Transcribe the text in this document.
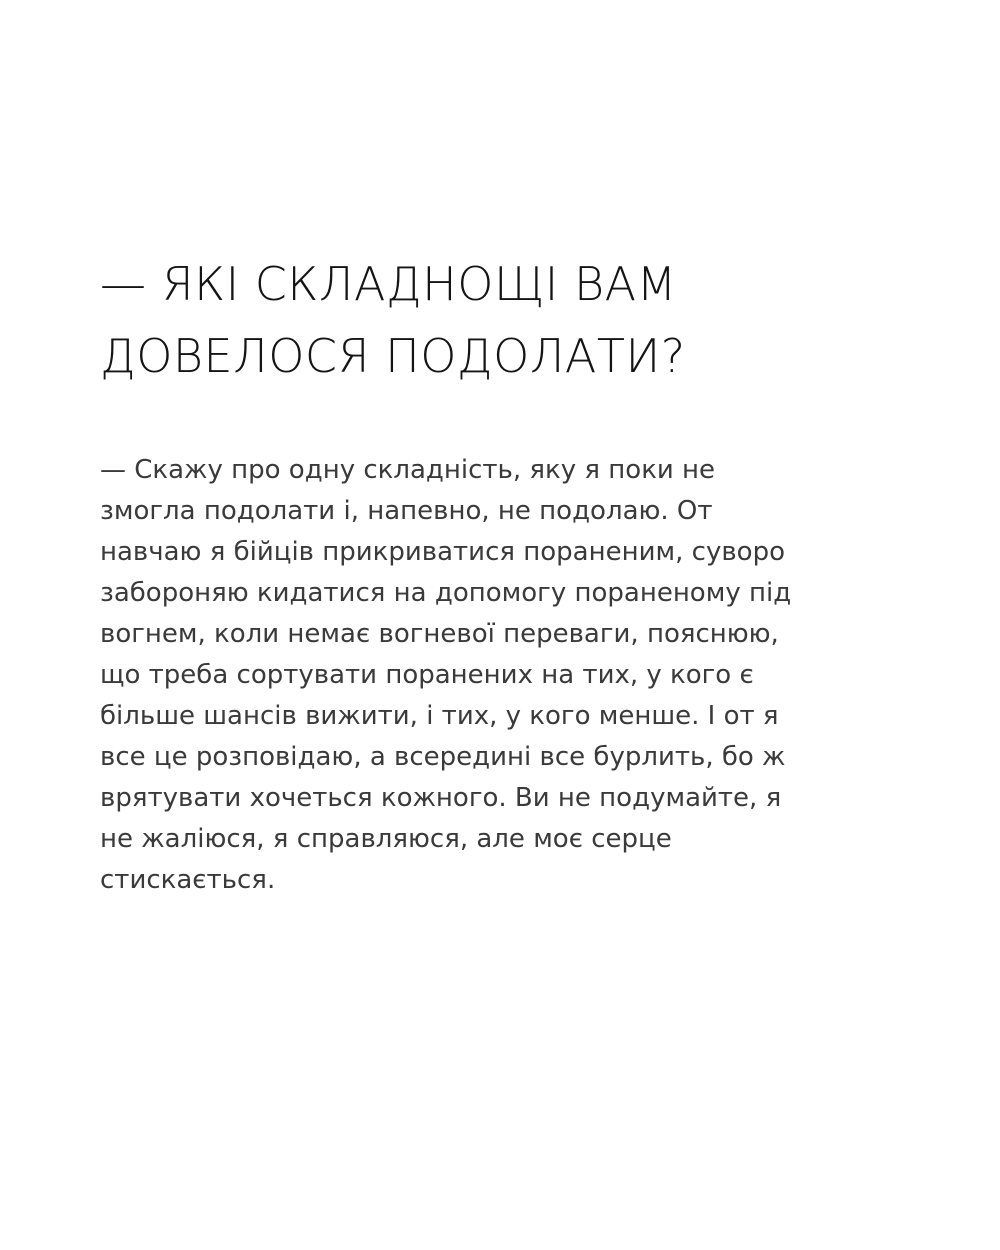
— ЯКІ СКЛАДНОЩІ ВАМ
ДОВЕЛОСЯ ПОДОЛАТИ?

— Скажу про одну складність, яку я поки не
змогла подолати і, напевно, не подолаю. От
навчаю я бійців прикриватися пораненим, суворо
забороняю кидатися на допомогу пораненому під
вогнем, коли немає вогневої переваги, пояснюю,
що треба сортувати поранених на тих, у кого є
більше шансів вижити, і тих, у кого менше. І от я
все це розповідаю, а всередині все бурлить, бо ж
врятувати хочеться кожного. Ви не подумайте, я
не жаліюся, я справляюся, але моє серце
стискається.
